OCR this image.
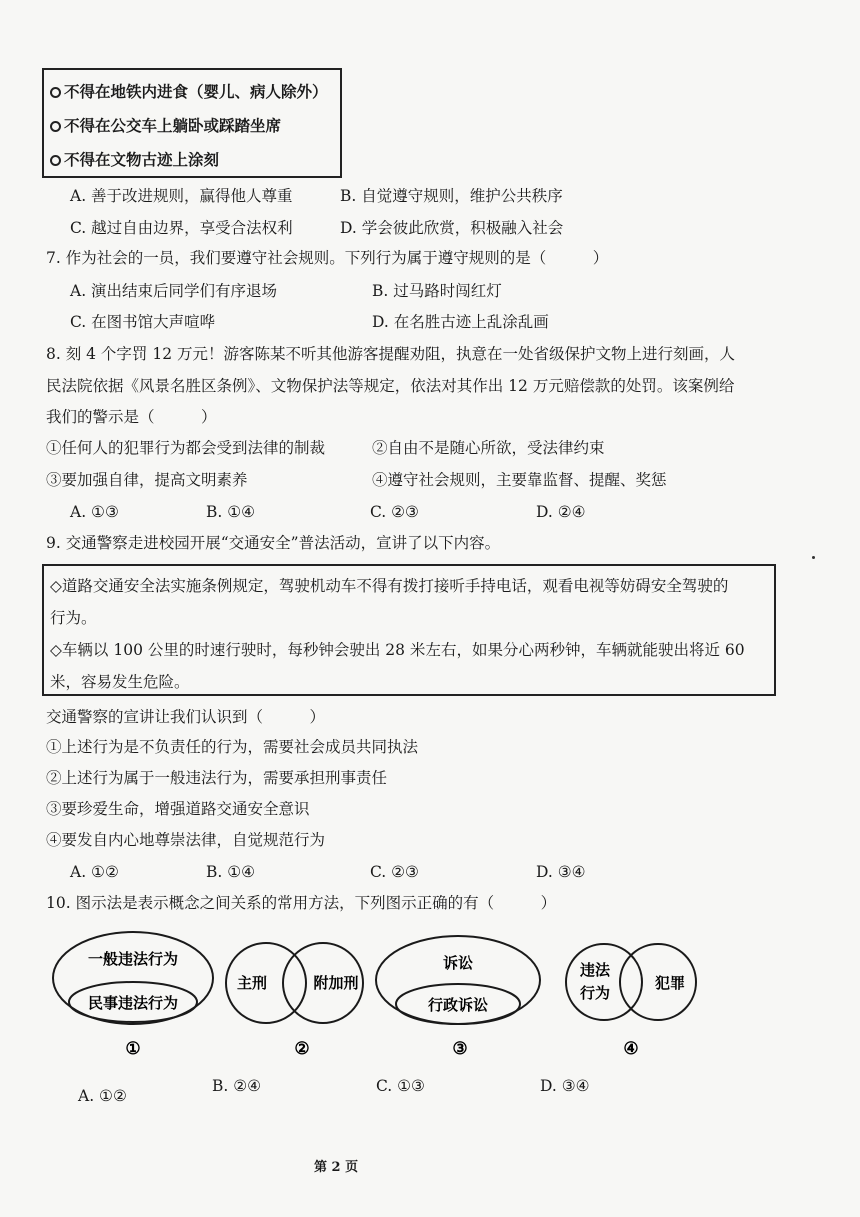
不得在地铁内进食（婴儿、病人除外）
不得在公交车上躺卧或踩踏坐席
不得在文物古迹上涂刻
A. 善于改进规则，赢得他人尊重	B. 自觉遵守规则，维护公共秩序
C. 越过自由边界，享受合法权利	D. 学会彼此欣赏，积极融入社会
7. 作为社会的一员，我们要遵守社会规则。下列行为属于遵守规则的是（　　　）
A. 演出结束后同学们有序退场	B. 过马路时闯红灯
C. 在图书馆大声喧哗	D. 在名胜古迹上乱涂乱画
8. 刻 4 个字罚 12 万元！游客陈某不听其他游客提醒劝阻，执意在一处省级保护文物上进行刻画，人
民法院依据《风景名胜区条例》、文物保护法等规定，依法对其作出 12 万元赔偿款的处罚。该案例给
我们的警示是（　　　）
①任何人的犯罪行为都会受到法律的制裁	②自由不是随心所欲，受法律约束
③要加强自律，提高文明素养	④遵守社会规则，主要靠监督、提醒、奖惩
A. ①③	B. ①④	C. ②③	D. ②④
9. 交通警察走进校园开展“交通安全”普法活动，宣讲了以下内容。
◇道路交通安全法实施条例规定，驾驶机动车不得有拨打接听手持电话，观看电视等妨碍安全驾驶的
行为。
◇车辆以 100 公里的时速行驶时，每秒钟会驶出 28 米左右，如果分心两秒钟，车辆就能驶出将近 60
米，容易发生危险。
交通警察的宣讲让我们认识到（　　　）
①上述行为是不负责任的行为，需要社会成员共同执法
②上述行为属于一般违法行为，需要承担刑事责任
③要珍爱生命，增强道路交通安全意识
④要发自内心地尊崇法律，自觉规范行为
A. ①②	B. ①④	C. ②③	D. ③④
10. 图示法是表示概念之间关系的常用方法，下列图示正确的有（　　　）
一般违法行为
民事违法行为
①
主刑	附加刑
②
诉讼
行政诉讼
③
违法
行为
犯罪
④
A. ①②
B. ②④	C. ①③	D. ③④
第 2 页
